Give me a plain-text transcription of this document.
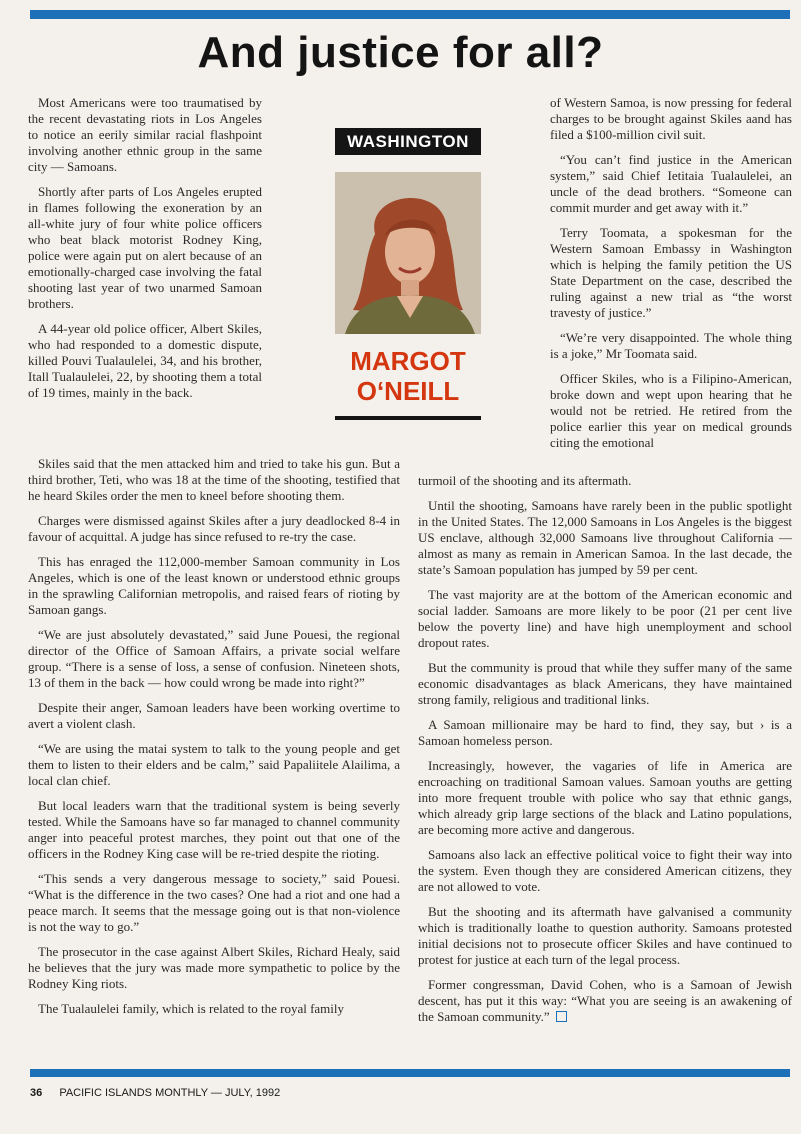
And justice for all?

Most Americans were too traumatised by the recent devastating riots in Los Angeles to notice an eerily similar racial flashpoint involving another ethnic group in the same city — Samoans.

Shortly after parts of Los Angeles erupted in flames following the exoneration by an all-white jury of four white police officers who beat black motorist Rodney King, police were again put on alert because of an emotionally-charged case involving the fatal shooting last year of two unarmed Samoan brothers.

A 44-year old police officer, Albert Skiles, who had responded to a domestic dispute, killed Pouvi Tualaulelei, 34, and his brother, Itall Tualaulelei, 22, by shooting them a total of 19 times, mainly in the back.

WASHINGTON
MARGOT
O‘NEILL

of Western Samoa, is now pressing for federal charges to be brought against Skiles aand has filed a $100-million civil suit.

“You can’t find justice in the American system,” said Chief Ietitaia Tualaulelei, an uncle of the dead brothers. “Someone can commit murder and get away with it.”

Terry Toomata, a spokesman for the Western Samoan Embassy in Washington which is helping the family petition the US State Department on the case, described the ruling against a new trial as “the worst travesty of justice.”

“We’re very disappointed. The whole thing is a joke,” Mr Toomata said.

Officer Skiles, who is a Filipino-American, broke down and wept upon hearing that he would not be retried. He retired from the police earlier this year on medical grounds citing the emotional

Skiles said that the men attacked him and tried to take his gun. But a third brother, Teti, who was 18 at the time of the shooting, testified that he heard Skiles order the men to kneel before shooting them.

Charges were dismissed against Skiles after a jury deadlocked 8-4 in favour of acquittal. A judge has since refused to re-try the case.

This has enraged the 112,000-member Samoan community in Los Angeles, which is one of the least known or understood ethnic groups in the sprawling Californian metropolis, and raised fears of rioting by Samoan gangs.

“We are just absolutely devastated,” said June Pouesi, the regional director of the Office of Samoan Affairs, a private social welfare group. “There is a sense of loss, a sense of confusion. Nineteen shots, 13 of them in the back — how could wrong be made into right?”

Despite their anger, Samoan leaders have been working overtime to avert a violent clash.

“We are using the matai system to talk to the young people and get them to listen to their elders and be calm,” said Papaliitele Alailima, a local clan chief.

But local leaders warn that the traditional system is being severly tested. While the Samoans have so far managed to channel community anger into peaceful protest marches, they point out that one of the officers in the Rodney King case will be re-tried despite the rioting.

“This sends a very dangerous message to society,” said Pouesi. “What is the difference in the two cases? One had a riot and one had a peace march. It seems that the message going out is that non-violence is not the way to go.”

The prosecutor in the case against Albert Skiles, Richard Healy, said he believes that the jury was made more sympathetic to police by the Rodney King riots.

The Tualaulelei family, which is related to the royal family

turmoil of the shooting and its aftermath.

Until the shooting, Samoans have rarely been in the public spotlight in the United States. The 12,000 Samoans in Los Angeles is the biggest US enclave, although 32,000 Samoans live throughout California — almost as many as remain in American Samoa. In the last decade, the state’s Samoan population has jumped by 59 per cent.

The vast majority are at the bottom of the American economic and social ladder. Samoans are more likely to be poor (21 per cent live below the poverty line) and have high unemployment and school dropout rates.

But the community is proud that while they suffer many of the same economic disadvantages as black Americans, they have maintained strong family, religious and traditional links.

A Samoan millionaire may be hard to find, they say, but › is a Samoan homeless person.

Increasingly, however, the vagaries of life in America are encroaching on traditional Samoan values. Samoan youths are getting into more frequent trouble with police who say that ethnic gangs, which already grip large sections of the black and Latino populations, are becoming more active and dangerous.

Samoans also lack an effective political voice to fight their way into the system. Even though they are considered American citizens, they are not allowed to vote.

But the shooting and its aftermath have galvanised a community which is traditionally loathe to question authority. Samoans protested initial decisions not to prosecute officer Skiles and have continued to protest for justice at each turn of the legal process.

Former congressman, David Cohen, who is a Samoan of Jewish descent, has put it this way: “What you are seeing is an awakening of the Samoan community.”

36 PACIFIC ISLANDS MONTHLY — JULY, 1992
